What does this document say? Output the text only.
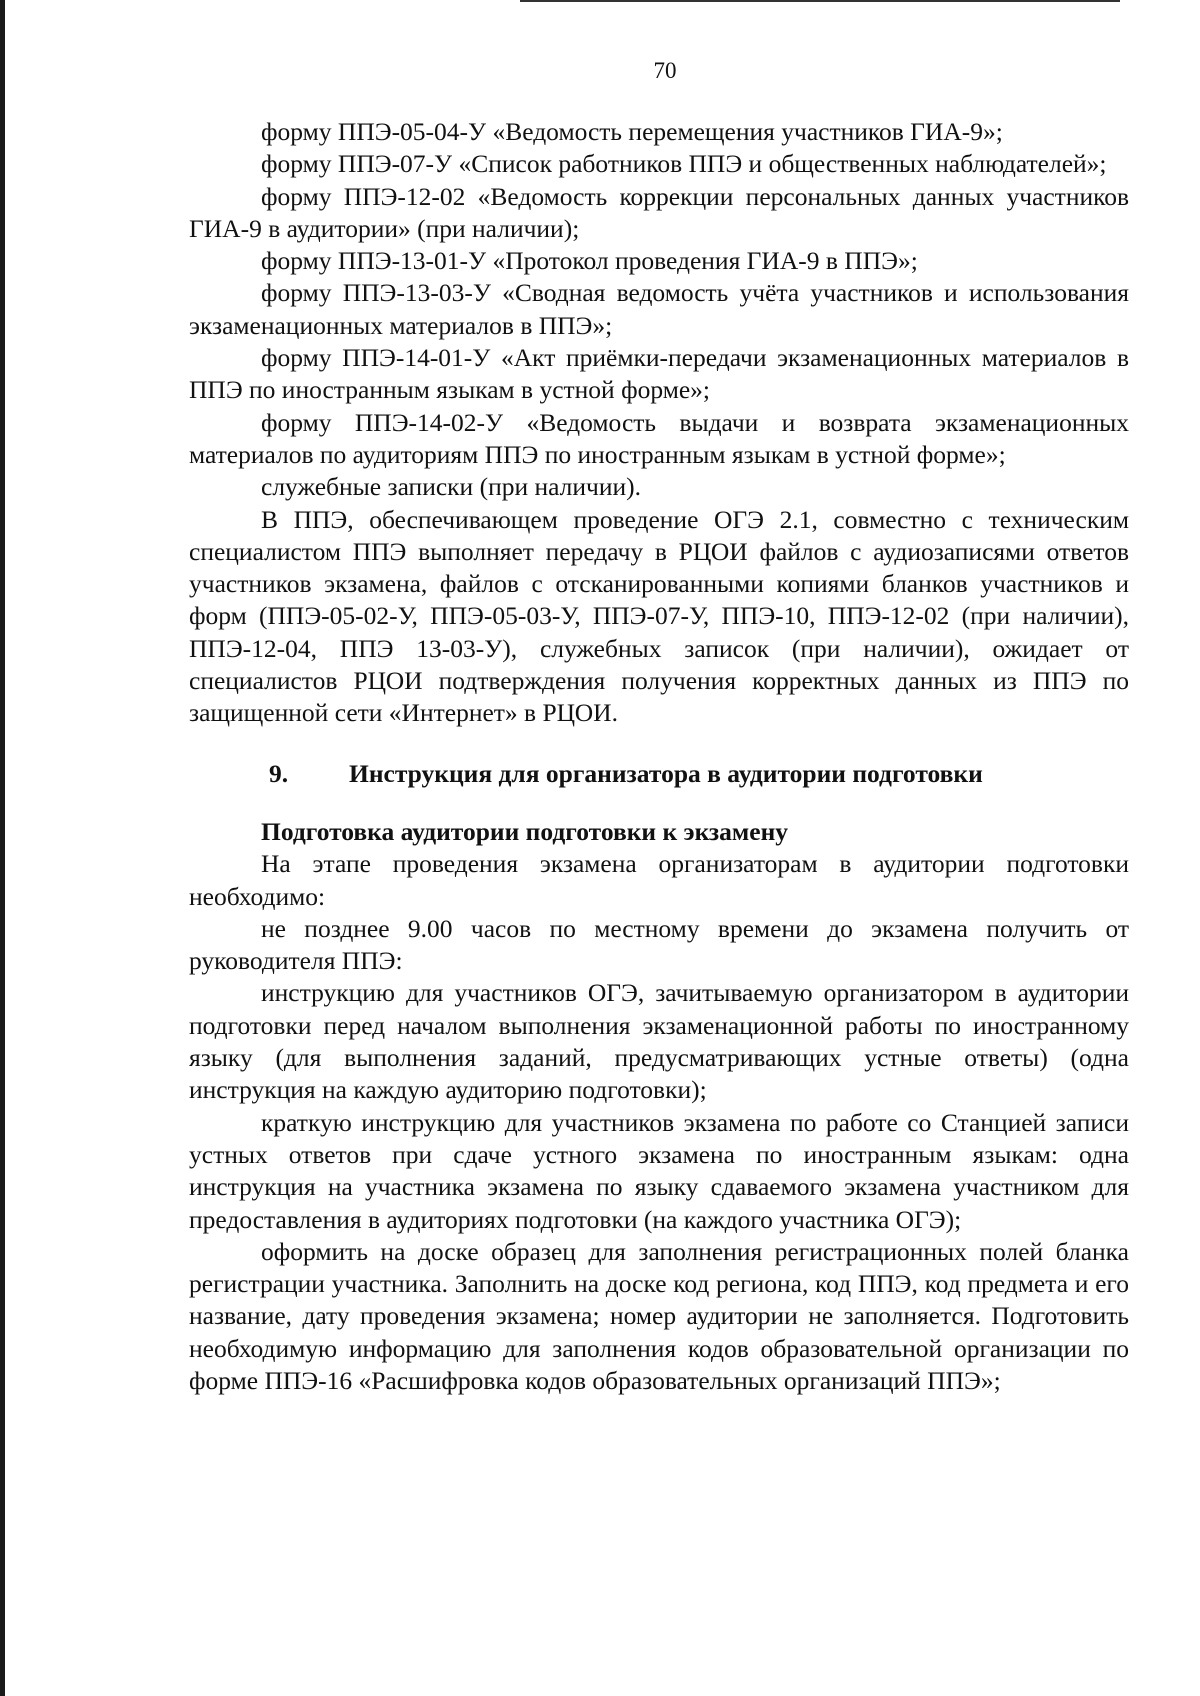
70

форму ППЭ-05-04-У «Ведомость перемещения участников ГИА-9»;

форму ППЭ-07-У «Список работников ППЭ и общественных наблюдателей»;

форму ППЭ-12-02 «Ведомость коррекции персональных данных участников ГИА-9 в аудитории» (при наличии);

форму ППЭ-13-01-У «Протокол проведения ГИА-9 в ППЭ»;

форму ППЭ-13-03-У «Сводная ведомость учёта участников и использования экзаменационных материалов в ППЭ»;

форму ППЭ-14-01-У «Акт приёмки-передачи экзаменационных материалов в ППЭ по иностранным языкам в устной форме»;

форму ППЭ-14-02-У «Ведомость выдачи и возврата экзаменационных материалов по аудиториям ППЭ по иностранным языкам в устной форме»;

служебные записки (при наличии).

В ППЭ, обеспечивающем проведение ОГЭ 2.1, совместно с техническим специалистом ППЭ выполняет передачу в РЦОИ файлов с аудиозаписями ответов участников экзамена, файлов с отсканированными копиями бланков участников и форм (ППЭ-05-02-У, ППЭ-05-03-У, ППЭ-07-У, ППЭ-10, ППЭ-12-02 (при наличии), ППЭ-12-04, ППЭ 13-03-У), служебных записок (при наличии), ожидает от специалистов РЦОИ подтверждения получения корректных данных из ППЭ по защищенной сети «Интернет» в РЦОИ.

9. Инструкция для организатора в аудитории подготовки

Подготовка аудитории подготовки к экзамену

На этапе проведения экзамена организаторам в аудитории подготовки необходимо:

не позднее 9.00 часов по местному времени до экзамена получить от руководителя ППЭ:

инструкцию для участников ОГЭ, зачитываемую организатором в аудитории подготовки перед началом выполнения экзаменационной работы по иностранному языку (для выполнения заданий, предусматривающих устные ответы) (одна инструкция на каждую аудиторию подготовки);

краткую инструкцию для участников экзамена по работе со Станцией записи устных ответов при сдаче устного экзамена по иностранным языкам: одна инструкция на участника экзамена по языку сдаваемого экзамена участником для предоставления в аудиториях подготовки (на каждого участника ОГЭ);

оформить на доске образец для заполнения регистрационных полей бланка регистрации участника. Заполнить на доске код региона, код ППЭ, код предмета и его название, дату проведения экзамена; номер аудитории не заполняется. Подготовить необходимую информацию для заполнения кодов образовательной организации по форме ППЭ-16 «Расшифровка кодов образовательных организаций ППЭ»;
